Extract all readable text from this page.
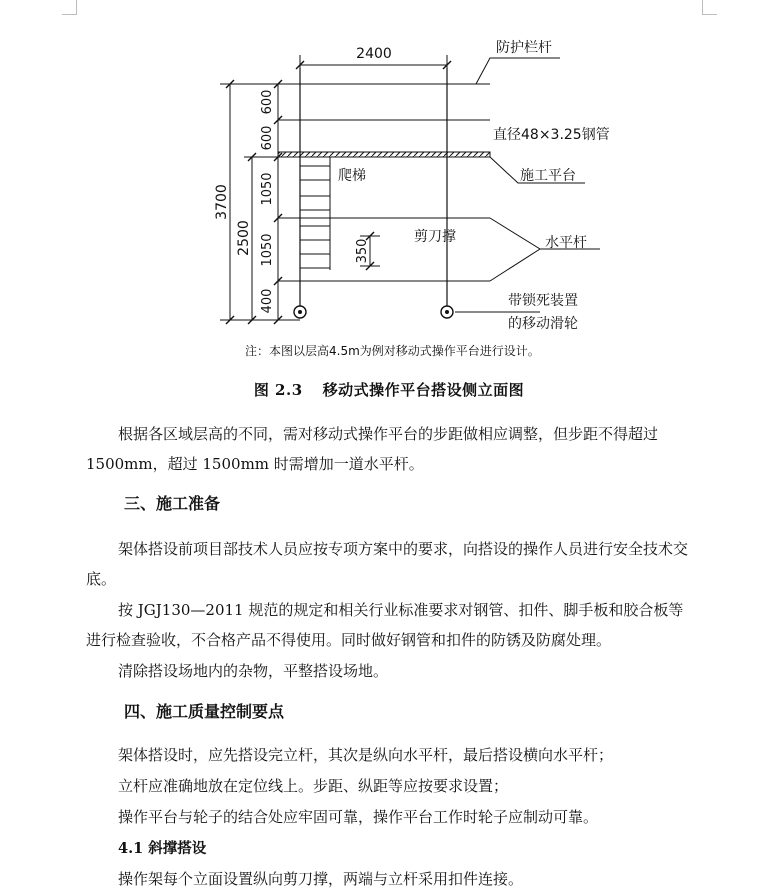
2400
350
3700
2500
600
600
1050
1050
400
防护栏杆
直径48×3.25钢管
施工平台
爬梯
剪刀撑	水平杆
带锁死装置
的移动滑轮
注：本图以层高4.5m为例对移动式操作平台进行设计。
图 2.3 移动式操作平台搭设侧立面图
根据各区域层高的不同，需对移动式操作平台的步距做相应调整，但步距不得超过
1500mm，超过 1500mm 时需增加一道水平杆。
三、施工准备
架体搭设前项目部技术人员应按专项方案中的要求，向搭设的操作人员进行安全技术交底。
按 JGJ130—2011 规范的规定和相关行业标准要求对钢管、扣件、脚手板和胶合板等进行检查验收，不合格产品不得使用。同时做好钢管和扣件的防锈及防腐处理。
清除搭设场地内的杂物，平整搭设场地。
四、施工质量控制要点
架体搭设时，应先搭设完立杆，其次是纵向水平杆，最后搭设横向水平杆；
立杆应准确地放在定位线上。步距、纵距等应按要求设置；
操作平台与轮子的结合处应牢固可靠，操作平台工作时轮子应制动可靠。
4.1 斜撑搭设
操作架每个立面设置纵向剪刀撑，两端与立杆采用扣件连接。
